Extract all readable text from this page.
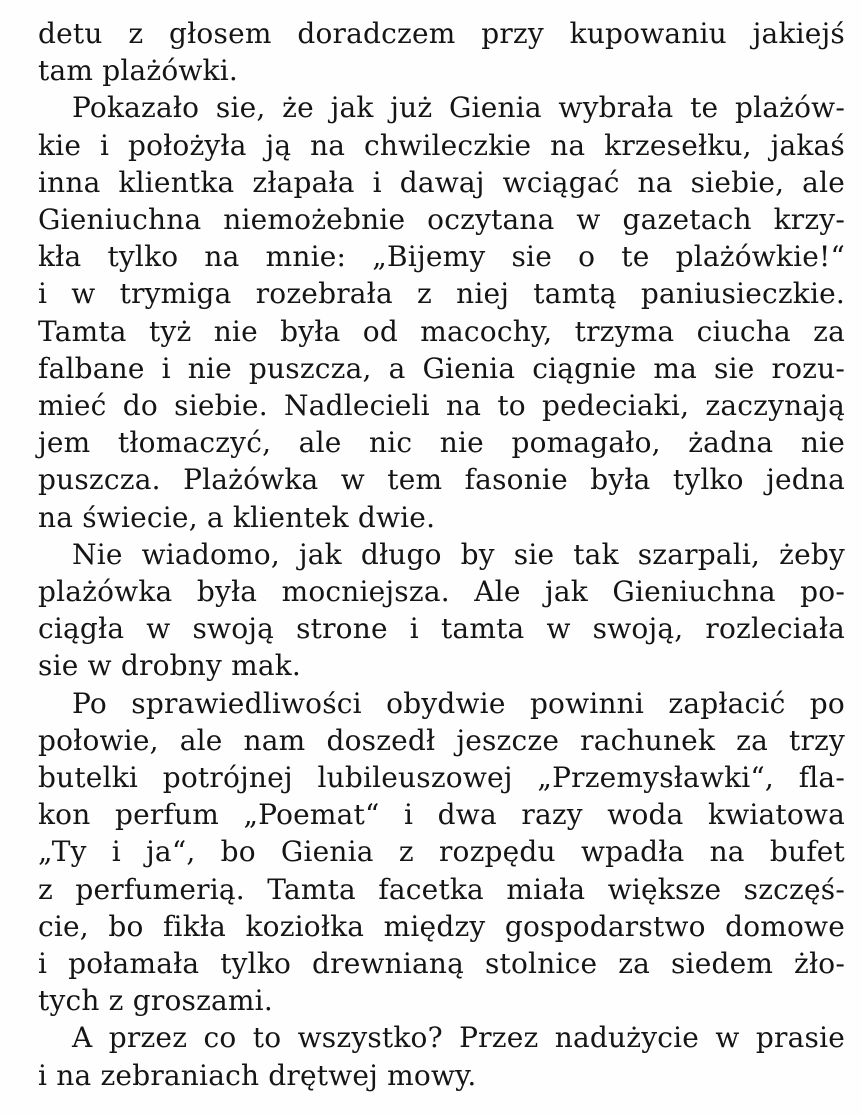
detu z głosem doradczem przy kupowaniu jakiejś
tam plażówki.
Pokazało sie, że jak już Gienia wybrała te plażów-
kie i położyła ją na chwileczkie na krzesełku, jakaś
inna klientka złapała i dawaj wciągać na siebie, ale
Gieniuchna niemożebnie oczytana w gazetach krzy-
kła tylko na mnie: „Bijemy sie o te plażówkie!“
i w trymiga rozebrała z niej tamtą paniusieczkie.
Tamta tyż nie była od macochy, trzyma ciucha za
falbane i nie puszcza, a Gienia ciągnie ma sie rozu-
mieć do siebie. Nadlecieli na to pedeciaki, zaczynają
jem tłomaczyć, ale nic nie pomagało, żadna nie
puszcza. Plażówka w tem fasonie była tylko jedna
na świecie, a klientek dwie.
Nie wiadomo, jak długo by sie tak szarpali, żeby
plażówka była mocniejsza. Ale jak Gieniuchna po-
ciągła w swoją strone i tamta w swoją, rozleciała
sie w drobny mak.
Po sprawiedliwości obydwie powinni zapłacić po
połowie, ale nam doszedł jeszcze rachunek za trzy
butelki potrójnej lubileuszowej „Przemysławki“, fla-
kon perfum „Poemat“ i dwa razy woda kwiatowa
„Ty i ja“, bo Gienia z rozpędu wpadła na bufet
z perfumerią. Tamta facetka miała większe szczęś-
cie, bo fikła koziołka między gospodarstwo domowe
i połamała tylko drewnianą stolnice za siedem żło-
tych z groszami.
A przez co to wszystko? Przez nadużycie w prasie
i na zebraniach drętwej mowy.
